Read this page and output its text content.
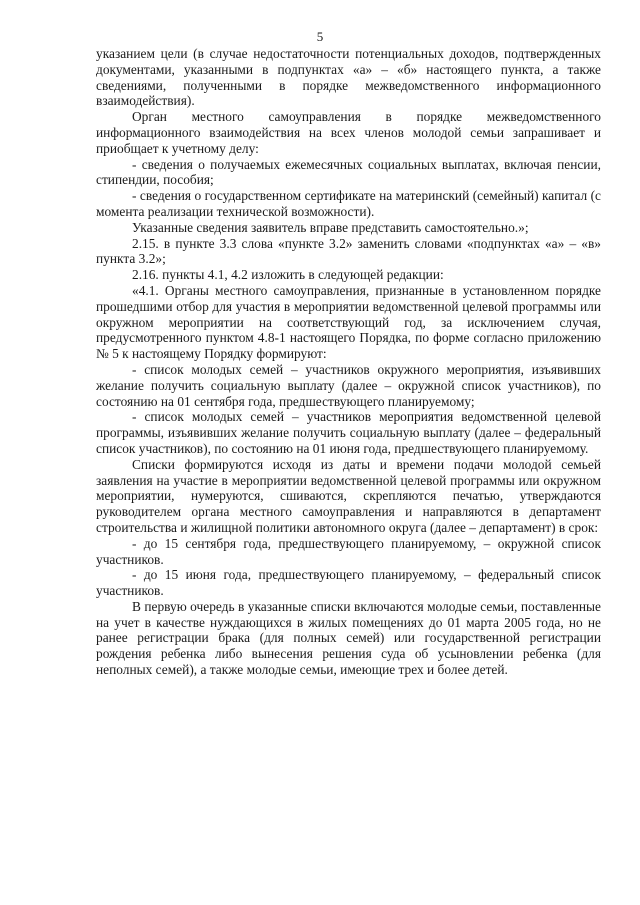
5

указанием цели (в случае недостаточности потенциальных доходов, подтвержденных документами, указанными в подпунктах «а» – «б» настоящего пункта, а также сведениями, полученными в порядке межведомственного информационного взаимодействия).

Орган местного самоуправления в порядке межведомственного информационного взаимодействия на всех членов молодой семьи запрашивает и приобщает к учетному делу:

- сведения о получаемых ежемесячных социальных выплатах, включая пенсии, стипендии, пособия;

- сведения о государственном сертификате на материнский (семейный) капитал (с момента реализации технической возможности).

Указанные сведения заявитель вправе представить самостоятельно.»;

2.15. в пункте 3.3 слова «пункте 3.2» заменить словами «подпунктах «а» – «в» пункта 3.2»;

2.16. пункты 4.1, 4.2 изложить в следующей редакции:

«4.1. Органы местного самоуправления, признанные в установленном порядке прошедшими отбор для участия в мероприятии ведомственной целевой программы или окружном мероприятии на соответствующий год, за исключением случая, предусмотренного пунктом 4.8-1 настоящего Порядка, по форме согласно приложению № 5 к настоящему Порядку формируют:

- список молодых семей – участников окружного мероприятия, изъявивших желание получить социальную выплату (далее – окружной список участников), по состоянию на 01 сентября года, предшествующего планируемому;

- список молодых семей – участников мероприятия ведомственной целевой программы, изъявивших желание получить социальную выплату (далее – федеральный список участников), по состоянию на 01 июня года, предшествующего планируемому.

Списки формируются исходя из даты и времени подачи молодой семьей заявления на участие в мероприятии ведомственной целевой программы или окружном мероприятии, нумеруются, сшиваются, скрепляются печатью, утверждаются руководителем органа местного самоуправления и направляются в департамент строительства и жилищной политики автономного округа (далее – департамент) в срок:

- до 15 сентября года, предшествующего планируемому, – окружной список участников.

- до 15 июня года, предшествующего планируемому, – федеральный список участников.

В первую очередь в указанные списки включаются молодые семьи, поставленные на учет в качестве нуждающихся в жилых помещениях до 01 марта 2005 года, но не ранее регистрации брака (для полных семей) или государственной регистрации рождения ребенка либо вынесения решения суда об усыновлении ребенка (для неполных семей), а также молодые семьи, имеющие трех и более детей.
